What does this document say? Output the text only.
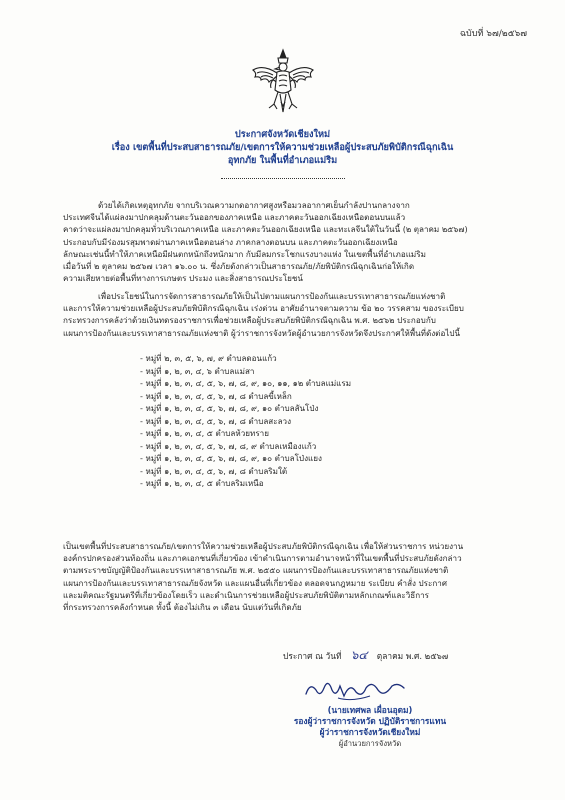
ฉบับที่ ๖๗/๒๕๖๗
ประกาศจังหวัดเชียงใหม่
เรื่อง เขตพื้นที่ประสบสาธารณภัย/เขตการให้ความช่วยเหลือผู้ประสบภัยพิบัติกรณีฉุกเฉิน
อุทกภัย ในพื้นที่อำเภอแม่ริม
ด้วยได้เกิดเหตุอุทกภัย จากบริเวณความกดอากาศสูงหรือมวลอากาศเย็นกำลังปานกลางจาก
ประเทศจีนได้แผ่ลงมาปกคลุมด้านตะวันออกของภาคเหนือ และภาคตะวันออกเฉียงเหนือตอนบนแล้ว
คาดว่าจะแผ่ลงมาปกคลุมทั่วบริเวณภาคเหนือ และภาคตะวันออกเฉียงเหนือ และทะเลจีนใต้ในวันนี้ (๒ ตุลาคม ๒๕๖๗)
ประกอบกับมีร่องมรสุมพาดผ่านภาคเหนือตอนล่าง ภาคกลางตอนบน และภาคตะวันออกเฉียงเหนือ
ลักษณะเช่นนี้ทำให้ภาคเหนือมีฝนตกหนักถึงหนักมาก กับมีลมกระโชกแรงบางแห่ง ในเขตพื้นที่อำเภอแม่ริม
เมื่อวันที่ ๒ ตุลาคม ๒๕๖๗ เวลา ๑๖.๐๐ น. ซึ่งภัยดังกล่าวเป็นสาธารณภัย/ภัยพิบัติกรณีฉุกเฉินก่อให้เกิด
ความเสียหายต่อพื้นที่ทางการเกษตร ประมง และสิ่งสาธารณประโยชน์
เพื่อประโยชน์ในการจัดการสาธารณภัยให้เป็นไปตามแผนการป้องกันและบรรเทาสาธารณภัยแห่งชาติ
และการให้ความช่วยเหลือผู้ประสบภัยพิบัติกรณีฉุกเฉิน เร่งด่วน อาศัยอำนาจตามความ ข้อ ๒๐ วรรคสาม ของระเบียบ
กระทรวงการคลังว่าด้วยเงินทดรองราชการเพื่อช่วยเหลือผู้ประสบภัยพิบัติกรณีฉุกเฉิน พ.ศ. ๒๕๖๒ ประกอบกับ
แผนการป้องกันและบรรเทาสาธารณภัยแห่งชาติ ผู้ว่าราชการจังหวัดผู้อำนวยการจังหวัดจึงประกาศให้พื้นที่ดังต่อไปนี้
- หมู่ที่ ๒, ๓, ๕, ๖, ๗, ๙ ตำบลดอนแก้ว
- หมู่ที่ ๑, ๒, ๓, ๔, ๖ ตำบลแม่สา
- หมู่ที่ ๑, ๒, ๓, ๔, ๕, ๖, ๗, ๘, ๙, ๑๐, ๑๑, ๑๒ ตำบลแม่แรม
- หมู่ที่ ๑, ๒, ๓, ๔, ๕, ๖, ๗, ๘ ตำบลขี้เหล็ก
- หมู่ที่ ๑, ๒, ๓, ๔, ๕, ๖, ๗, ๘, ๙, ๑๐ ตำบลสันโป่ง
- หมู่ที่ ๑, ๒, ๓, ๔, ๕, ๖, ๗, ๘ ตำบลสะลวง
- หมู่ที่ ๑, ๒, ๓, ๔, ๕ ตำบลห้วยทราย
- หมู่ที่ ๑, ๒, ๓, ๔, ๕, ๖, ๗, ๘, ๙ ตำบลเหมืองแก้ว
- หมู่ที่ ๑, ๒, ๓, ๔, ๕, ๖, ๗, ๘, ๙, ๑๐ ตำบลโป่งแยง
- หมู่ที่ ๑, ๒, ๓, ๔, ๕, ๖, ๗, ๘ ตำบลริมใต้
- หมู่ที่ ๑, ๒, ๓, ๔, ๕ ตำบลริมเหนือ
เป็นเขตพื้นที่ประสบสาธารณภัย/เขตการให้ความช่วยเหลือผู้ประสบภัยพิบัติกรณีฉุกเฉิน เพื่อให้ส่วนราชการ หน่วยงาน
องค์กรปกครองส่วนท้องถิ่น และภาคเอกชนที่เกี่ยวข้อง เข้าดำเนินการตามอำนาจหน้าที่ในเขตพื้นที่ประสบภัยดังกล่าว
ตามพระราชบัญญัติป้องกันและบรรเทาสาธารณภัย พ.ศ. ๒๕๕๐ แผนการป้องกันและบรรเทาสาธารณภัยแห่งชาติ
แผนการป้องกันและบรรเทาสาธารณภัยจังหวัด และแผนอื่นที่เกี่ยวข้อง ตลอดจนกฎหมาย ระเบียบ คำสั่ง ประกาศ
และมติคณะรัฐมนตรีที่เกี่ยวข้องโดยเร็ว และดำเนินการช่วยเหลือผู้ประสบภัยพิบัติตามหลักเกณฑ์และวิธีการ
ที่กระทรวงการคลังกำหนด ทั้งนี้ ต้องไม่เกิน ๓ เดือน นับแต่วันที่เกิดภัย
ประกาศ ณ วันที่ ๖๔ ตุลาคม พ.ศ. ๒๕๖๗
(นายเทศพล เผื่อนอุดม)
รองผู้ว่าราชการจังหวัด ปฏิบัติราชการแทน
ผู้ว่าราชการจังหวัดเชียงใหม่
ผู้อำนวยการจังหวัด
